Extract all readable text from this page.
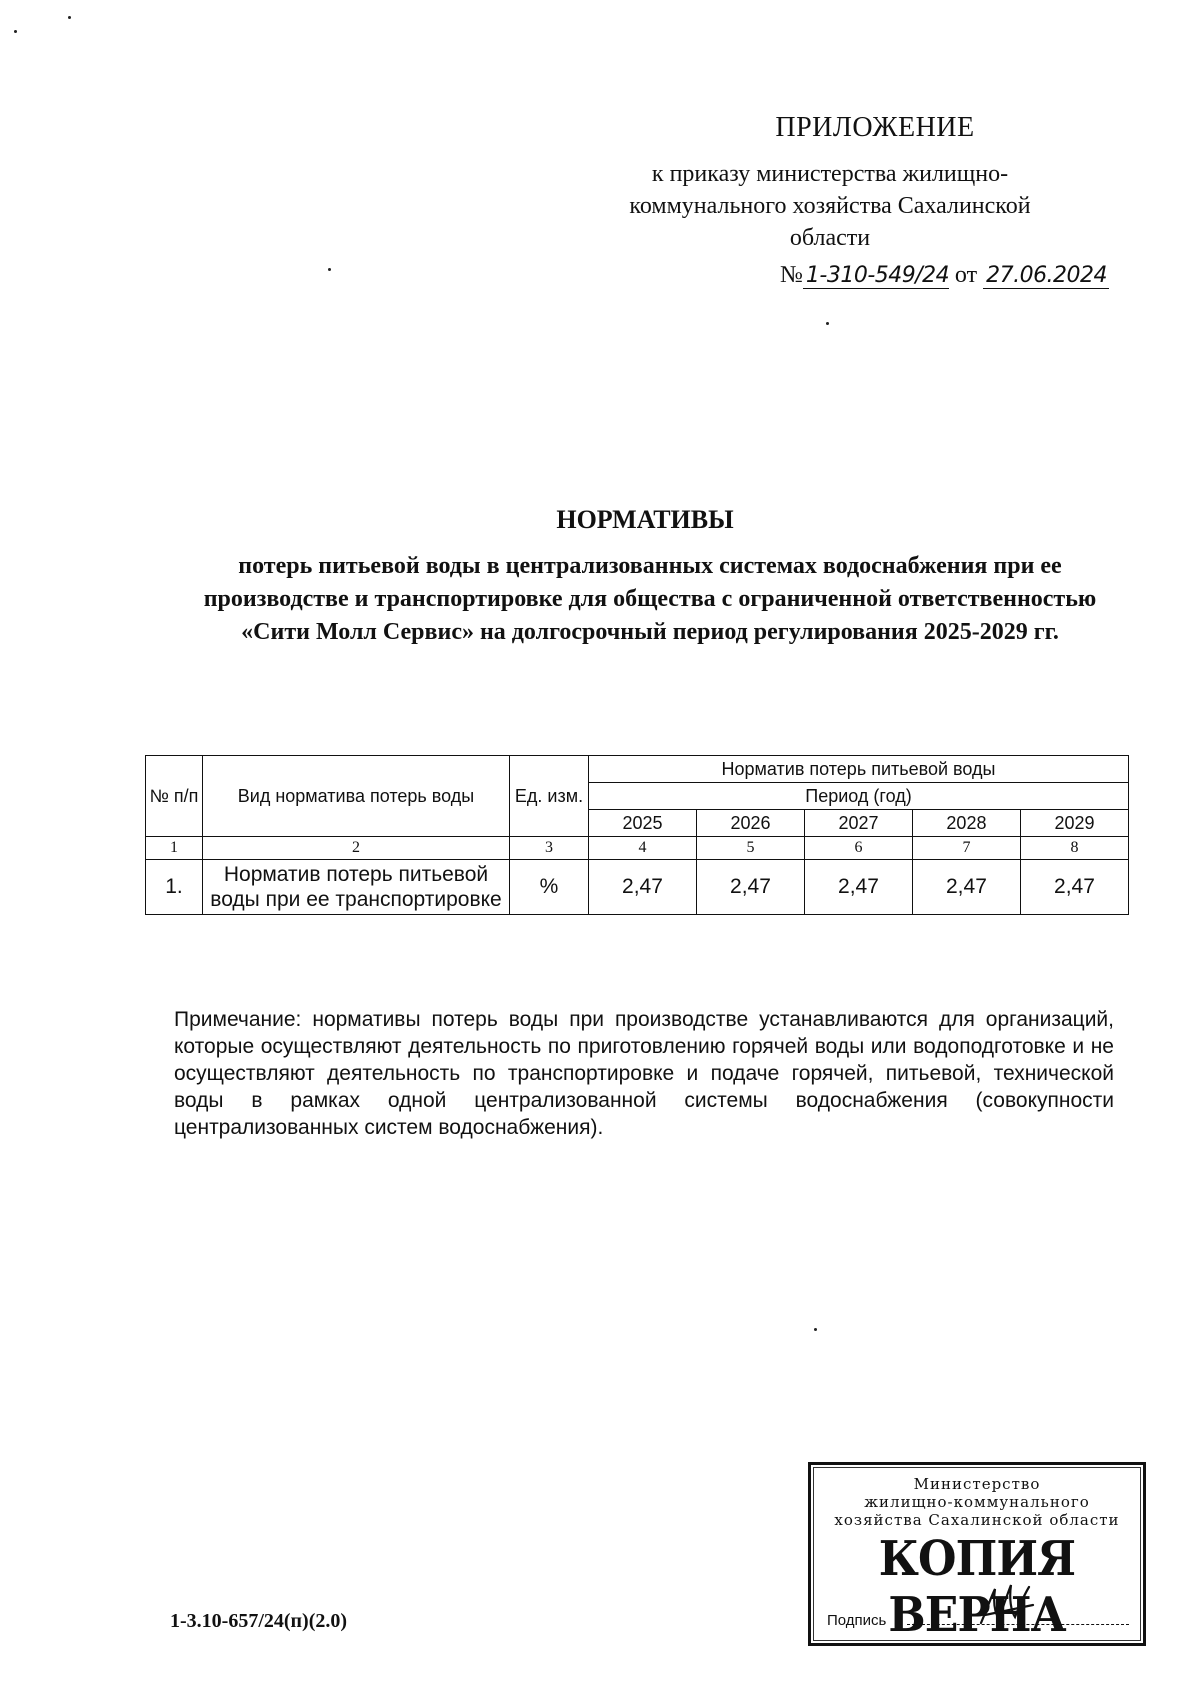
ПРИЛОЖЕНИЕ
к приказу министерства жилищно-
коммунального хозяйства Сахалинской
области
№ 1-310-549/24 от 27.06.2024
НОРМАТИВЫ
потерь питьевой воды в централизованных системах водоснабжения при ее производстве и транспортировке для общества с ограниченной ответственностью «Сити Молл Сервис» на долгосрочный период регулирования 2025-2029 гг.
№ п/п	Вид норматива потерь воды	Ед. изм.	Норматив потерь питьевой воды				
			Период (год)				
			2025	2026	2027	2028	2029
1	2	3	4	5	6	7	8
1.	Норматив потерь питьевой воды при ее транспортировке	%	2,47	2,47	2,47	2,47	2,47
Примечание: нормативы потерь воды при производстве устанавливаются для организаций, которые осуществляют деятельность по приготовлению горячей воды или водоподготовке и не осуществляют деятельность по транспортировке и подаче горячей, питьевой, технической воды в рамках одной централизованной системы водоснабжения (совокупности централизованных систем водоснабжения).
1-3.10-657/24(п)(2.0)
Министерство
жилищно-коммунального
хозяйства Сахалинской области
КОПИЯ ВЕРНА
Подпись
